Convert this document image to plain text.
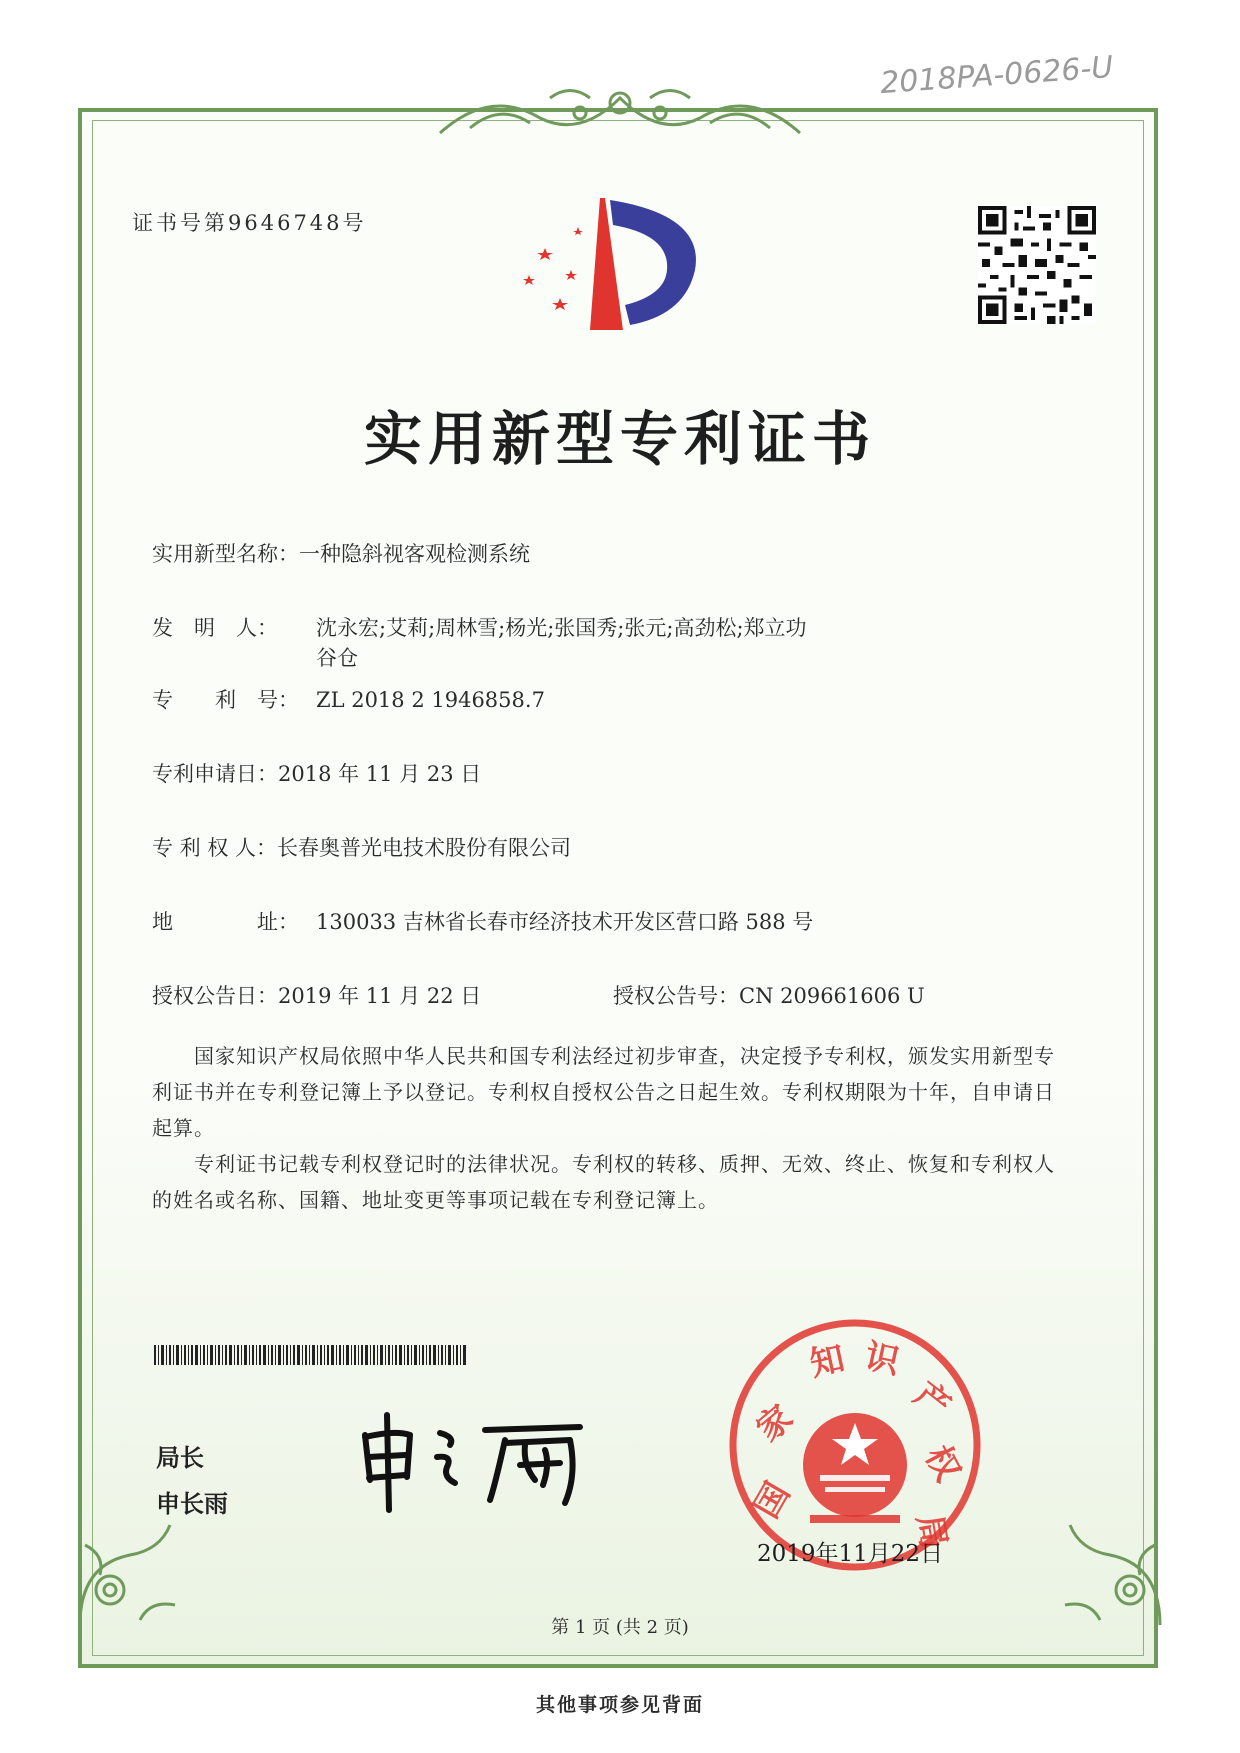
2018PA-0626-U
证书号第9646748号
实用新型专利证书
实用新型名称：一种隐斜视客观检测系统
发　明　人： 沈永宏;艾莉;周林雪;杨光;张国秀;张元;高劲松;郑立功
谷仓
专　　利　号： ZL 2018 2 1946858.7
专利申请日：2018 年 11 月 23 日
专 利 权 人：长春奥普光电技术股份有限公司
地　　　　址： 130033 吉林省长春市经济技术开发区营口路 588 号
授权公告日：2019 年 11 月 22 日	授权公告号：CN 209661606 U
国家知识产权局依照中华人民共和国专利法经过初步审查，决定授予专利权，颁发实用新型专利证书并在专利登记簿上予以登记。专利权自授权公告之日起生效。专利权期限为十年，自申请日起算。
专利证书记载专利权登记时的法律状况。专利权的转移、质押、无效、终止、恢复和专利权人的姓名或名称、国籍、地址变更等事项记载在专利登记簿上。
局长
申长雨	国
家
知 识
产
权
局
2019年11月22日
第 1 页 (共 2 页)
其他事项参见背面
